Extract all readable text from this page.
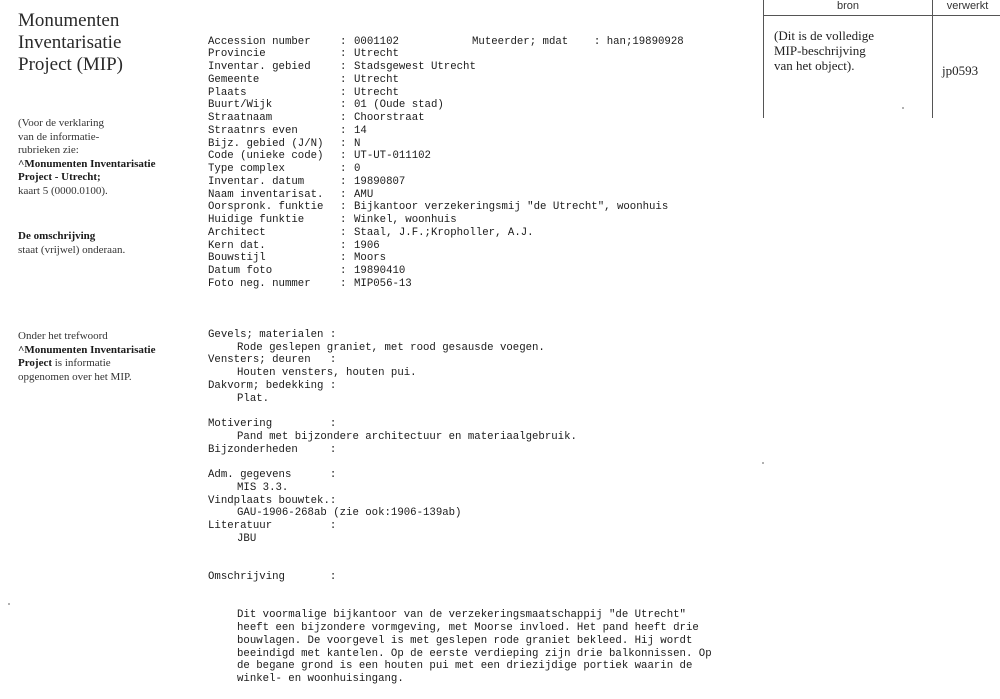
Monumenten
Inventarisatie
Project (MIP)
(Voor de verklaring
van de informatie-
rubrieken zie:
^Monumenten Inventarisatie
Project - Utrecht;
kaart 5 (0000.0100).
De omschrijving
staat (vrijwel) onderaan.
Onder het trefwoord
^Monumenten Inventarisatie
Project is informatie
opgenomen over het MIP.

Accession number	: 0001102	Muteerder; mdat    : han;19890928
Provincie	: Utrecht
Inventar. gebied	: Stadsgewest Utrecht
Gemeente	: Utrecht
Plaats	: Utrecht
Buurt/Wijk	: 01 (Oude stad)
Straatnaam	: Choorstraat
Straatnrs even	: 14
Bijz. gebied (J/N)	: N
Code (unieke code)	: UT-UT-011102
Type complex	: 0
Inventar. datum	: 19890807
Naam inventarisat.	: AMU
Oorspronk. funktie	: Bijkantoor verzekeringsmij "de Utrecht", woonhuis
Huidige funktie	: Winkel, woonhuis
Architect	: Staal, J.F.;Kropholler, A.J.
Kern dat.	: 1906
Bouwstijl	: Moors
Datum foto	: 19890410
Foto neg. nummer	: MIP056-13

Gevels; materialen :
Rode geslepen graniet, met rood gesausde voegen.
Vensters; deuren   :
Houten vensters, houten pui.
Dakvorm; bedekking :
Plat.
Motivering         :
Pand met bijzondere architectuur en materiaalgebruik.
Bijzonderheden     :
Adm. gegevens      :
MIS 3.3.
Vindplaats bouwtek.:
GAU-1906-268ab (zie ook:1906-139ab)
Literatuur         :
JBU

Omschrijving       :

Dit voormalige bijkantoor van de verzekeringsmaatschappij "de Utrecht"
heeft een bijzondere vormgeving, met Moorse invloed. Het pand heeft drie
bouwlagen. De voorgevel is met geslepen rode graniet bekleed. Hij wordt
beeindigd met kantelen. Op de eerste verdieping zijn drie balkonnissen. Op
de begane grond is een houten pui met een driezijdige portiek waarin de
winkel- en woonhuisingang.

bron	verwerkt
(Dit is de volledige
MIP-beschrijving
van het object).	jp0593
